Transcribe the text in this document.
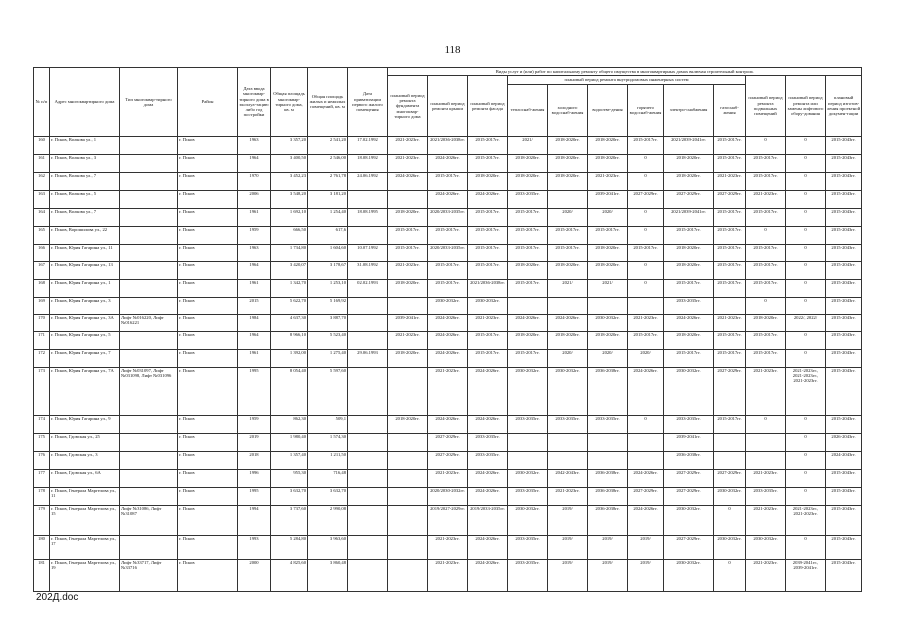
118
№ п/п	Адрес многоквартирного дома	Тип многоквар-тирного дома	Район	Дата ввода многоквар-тирного дома в эксплуа-тацию либо год постройки	Общая площадь многоквар-тирного дома, кв. м	Общая площадь жилых и нежилых помещений, кв. м	Дата приватизации первого жилого помещения	Виды услуг и (или) работ по капитальному ремонту общего имущества в многоквартирных домах включая строительный контроль											
								плановый период ремонта фундамента многоквар-тирного дома	плановый период ремонта крыши	плановый период ремонта фасада	плановый период ремонта внутридомовых инженерных систем						плановый период ремонта подвальных помещений	плановый период ремонта или замены лифтового обору-дования	плановый период изготов-ления проектной докумен-тации
											теплоснаб-жения	холодного водоснаб-жения	водоотве-дения	горячего водоснаб-жения	электро-снабжения	газоснаб-жения			
160	г. Псков, Волкова ул., 1		г. Псков	1963	3 357,20	2 541,20	17.02.1992	2021-2023гг.	2021/2036-2038гг.	2015-2017гг.	2021/	2018-2020гг.	2018-2020гг.	2015-2017гг.	2021/2039-2041гг.	2015-2017гг.	0	0	2015-2043гг.
161	г. Псков, Волкова ул., 3		г. Псков	1964	3 400,50	2 546,00	18.08.1992	2021-2023гг.	2024-2026гг.	2015-2017гг.	2018-2020гг.	2018-2020гг.	2018-2020гг.	0	2018-2020гг.	2015-2017гг.	2015-2017гг.	0	2015-2043гг.
162	г. Псков, Волкова ул., 7		г. Псков	1970	3 452,23	2 761,78	24.06.1992	2024-2026гг.	2015-2017гг.	2018-2020гг.	2018-2020гг.	2018-2020гг.	2021-2023гг.	0	2018-2020гг.	2021-2023гг.	2015-2017гг.	0	2015-2043гг.
163	г. Псков, Волкова ул., 5		г. Псков	2006	3 548,20	3 181,20			2024-2026гг.	2024-2026гг.	2033-2035гг.		2039-2041гг.	2027-2029гг.	2027-2029гг.	2027-2029гг.	2021-2023гг.	0	2015-2043гг.
164	г. Псков, Волкова ул., 7		г. Псков	1961	1 692,10	1 254,40	18.08.1995	2018-2020гг.	2020/2033-2035гг.	2015-2017гг.	2015-2017гг.	2020/	2020/	0	2021/2039-2041гг.	2015-2017гг.	2015-2017гг.	0	2015-2043гг.
165	г. Псков, Ворошилова ул., 22		г. Псков	1959	666,50	617,6		2015-2017гг.	2015-2017гг.	2015-2017гг.	2015-2017гг.	2015-2017гг.	2015-2017гг.	0	2015-2017гг.	2015-2017гг.	0	0	2015-2043гг.
166	г. Псков, Юрия Гагарина ул., 11		г. Псков	1963	1 734,80	1 604,60	10.07.1992	2015-2017гг.	2020/2033-2035гг.	2015-2017гг.	2015-2017гг.	2015-2017гг.	2018-2020гг.	2015-2017гг.	2018-2020гг.	2015-2017гг.	2015-2017гг.	0	2015-2043гг.
167	г. Псков, Юрия Гагарина ул., 13		г. Псков	1964	3 420,07	3 178,67	31.08.1992	2021-2023гг.	2015-2017гг.	2015-2017гг.	2018-2020гг.	2018-2020гг.	2018-2020гг.	0	2018-2020гг.	2015-2017гг.	2015-2017гг.	0	2015-2043гг.
168	г. Псков, Юрия Гагарина ул., 1		г. Псков	1961	1 342,70	1 253,10	02.02.1993	2018-2020гг.	2015-2017гг.	2021/2036-2038гг.	2015-2017гг.	2021/	2021/	0	2015-2017гг.	2015-2017гг.	2015-2017гг.	0	2015-2043гг.
169	г. Псков, Юрия Гагарина ул., 3		г. Псков	2015	5 622,70	5 169,92			2030-2032гг.	2030-2032гг.					2033-2035гг.		0	0	2015-2043гг.
170	г. Псков, Юрия Гагарина ул., 3А	Лифт №016220, Лифт №016221	г. Псков	1984	4 637,30	3 887,70		2039-2041гг.	2024-2026гг.	2021-2023гг.	2024-2026гг.	2024-2026гг.	2030-2032гг.	2021-2023гг.	2024-2026гг.	2021-2023гг.	2018-2020гг.	2022/, 2022/	2015-2043гг.
171	г. Псков, Юрия Гагарина ул., 5		г. Псков	1964	8 966,10	5 523,40		2021-2023гг.	2024-2026гг.	2015-2017гг.	2018-2020гг.	2018-2020гг.	2018-2020гг.	2015-2017гг.	2018-2020гг.	2015-2017гг.	2015-2017гг.	0	2015-2043гг.
172	г. Псков, Юрия Гагарина ул., 7		г. Псков	1961	1 392,00	1 275,40	29.06.1993	2018-2020гг.	2024-2026гг.	2015-2017гг.	2015-2017гг.	2020/	2020/	2020/	2015-2017гг.	2015-2017гг.	2015-2017гг.	0	2015-2043гг.
173	г. Псков, Юрия Гагарина ул., 7А	Лифт №031097, Лифт №031098, Лифт №031096	г. Псков	1995	8 054,40	5 597,60			2021-2023гг.	2024-2026гг.	2030-2032гг.	2030-2032гг.	2036-2038гг.	2024-2026гг.	2030-2032гг.	2027-2029гг.	2021-2023гг.	2021-2023гг., 2021-2023гг., 2021-2023гг.	2015-2043гг.
174	г. Псков, Юрия Гагарина ул., 9		г. Псков	1959	862,30	509,1		2018-2020гг.	2024-2026гг.	2024-2026гг.	2033-2035гг.	2033-2035гг.	2033-2035гг.	0	2033-2035гг.	2015-2017гг.	0	0	2015-2043гг.
175	г. Псков, Гдовская ул., 25		г. Псков	2019	1 980,40	1 574,30			2027-2029гг.	2033-2035гг.					2039-2041гг.			0	2026-2043гг.
176	г. Псков, Гдовская ул., 3		г. Псков	2018	1 357,40	1 211,50			2027-2029гг.	2033-2035гг.					2036-2038гг.			0	2024-2043гг.
177	г. Псков, Гдовская ул., 6А		г. Псков	1996	955,30	716,48			2021-2023гг.	2024-2026гг.	2030-2032гг.	2042-2043гг.	2036-2038гг.	2024-2026гг.	2027-2029гг.	2027-2029гг.	2021-2023гг.	0	2015-2043гг.
178	г. Псков, Генерала Маргелова ул., 11		г. Псков	1995	3 632,70	3 632,70			2020/2030-2032гг.	2024-2026гг.	2033-2035гг.	2021-2023гг.	2036-2038гг.	2027-2029гг.	2027-2029гг.	2030-2032гг.	2033-2035гг.	0	2015-2043гг.
179	г. Псков, Генерала Маргелова ул., 15	Лифт №31086, Лифт №31087	г. Псков	1994	3 737,60	2 990,08			2019/2027-2029гг.	2019/2033-2035гг.	2030-2032гг.	2019/	2036-2038гг.	2024-2026гг.	2030-2032гг.	0	2021-2023гг.	2021-2023гг., 2021-2023гг.	2015-2043гг.
180	г. Псков, Генерала Маргелова ул., 17		г. Псков	1993	5 284,80	3 963,60			2021-2023гг.	2024-2026гг.	2033-2035гг.	2019/	2019/	2019/	2027-2029гг.	2030-2032гг.	2030-2032гг.	0	2015-2043гг.
181	г. Псков, Генерала Маргелова ул., 19	Лифт №33717, Лифт №33716	г. Псков	2000	4 825,60	3 860,48			2021-2023гг.	2024-2026гг.	2033-2035гг.	2019/	2019/	2019/	2030-2032гг.	0	2021-2023гг.	2039-2041гг., 2039-2041гг.	2015-2043гг.
202Д.doc
